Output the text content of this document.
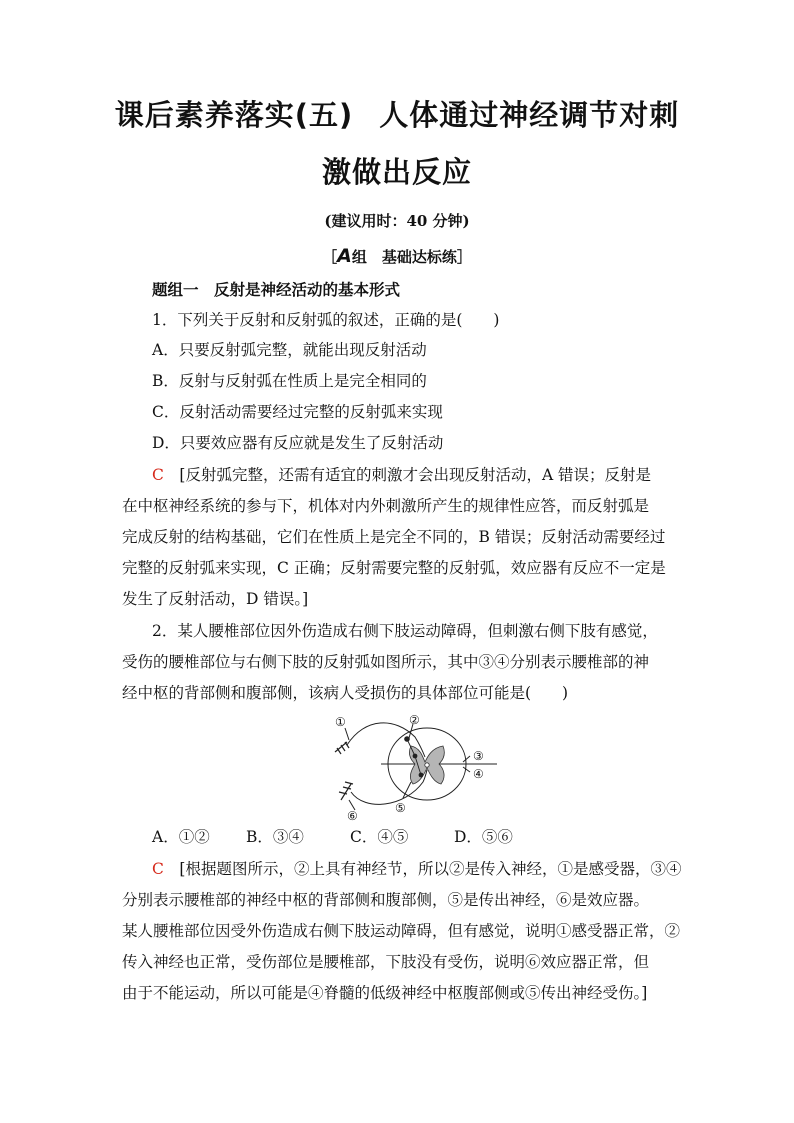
课后素养落实(五) 人体通过神经调节对刺
激做出反应
(建议用时：40 分钟)
［A组　基础达标练］
题组一　反射是神经活动的基本形式
1．下列关于反射和反射弧的叙述，正确的是(　　)
A．只要反射弧完整，就能出现反射活动
B．反射与反射弧在性质上是完全相同的
C．反射活动需要经过完整的反射弧来实现
D．只要效应器有反应就是发生了反射活动
C　 [反射弧完整，还需有适宜的刺激才会出现反射活动，A 错误；反射是
在中枢神经系统的参与下，机体对内外刺激所产生的规律性应答，而反射弧是
完成反射的结构基础，它们在性质上是完全不同的，B 错误；反射活动需要经过
完整的反射弧来实现，C 正确；反射需要完整的反射弧，效应器有反应不一定是
发生了反射活动，D 错误。]
2．某人腰椎部位因外伤造成右侧下肢运动障碍，但刺激右侧下肢有感觉，
受伤的腰椎部位与右侧下肢的反射弧如图所示，其中③④分别表示腰椎部的神
经中枢的背部侧和腹部侧，该病人受损伤的具体部位可能是(　　)
①	②
③
④
⑤
⑥
A．①② B．③④	C．④⑤	D．⑤⑥
C　 [根据题图所示，②上具有神经节，所以②是传入神经，①是感受器，③④
分别表示腰椎部的神经中枢的背部侧和腹部侧，⑤是传出神经，⑥是效应器。
某人腰椎部位因受外伤造成右侧下肢运动障碍，但有感觉，说明①感受器正常，②
传入神经也正常，受伤部位是腰椎部，下肢没有受伤，说明⑥效应器正常，但
由于不能运动，所以可能是④脊髓的低级神经中枢腹部侧或⑤传出神经受伤。]
